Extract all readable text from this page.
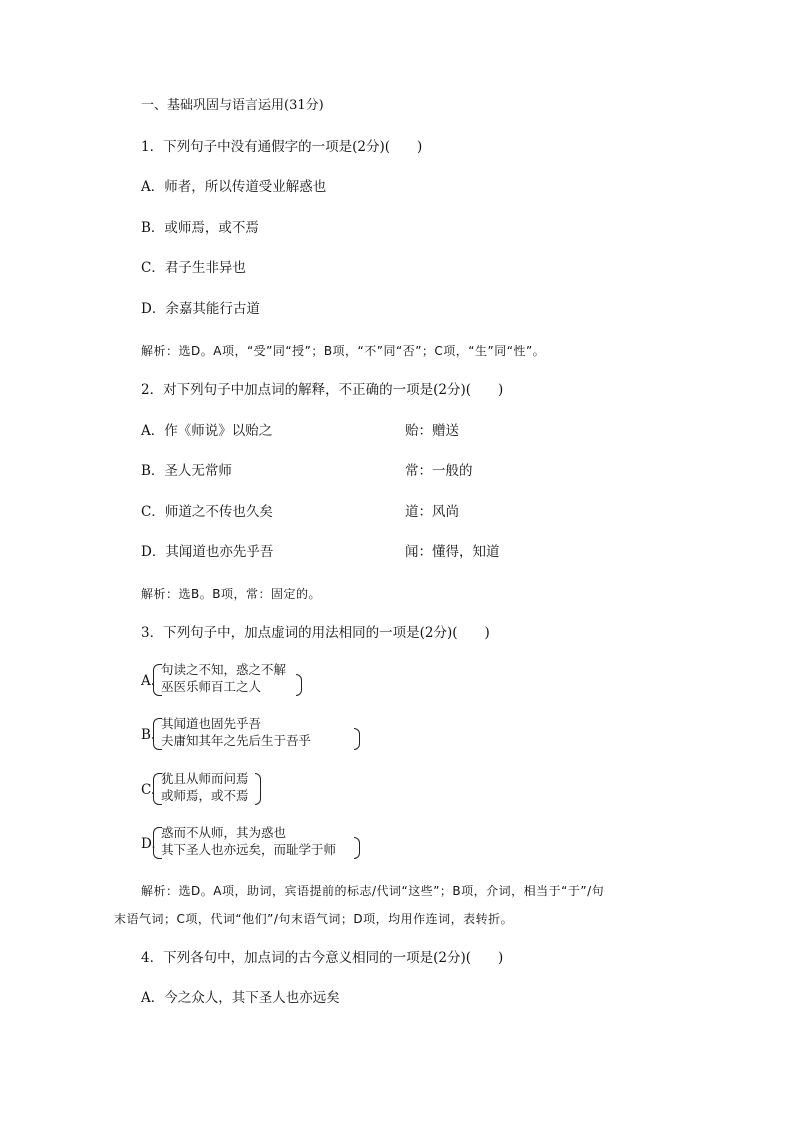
一、基础巩固与语言运用(31分)
1．下列句子中没有通假字的一项是(2分)(　　)
A．师者，所以传道受业解惑也
B．或师焉，或不焉
C．君子生非异也
D．余嘉其能行古道
解析：选D。A项，“受”同“授”；B项，“不”同“否”；C项，“生”同“性”。
2．对下列句子中加点词的解释，不正确的一项是(2分)(　　)
A．作《师说》以贻之	贻：赠送
B．圣人无常师	常：一般的
C．师道之不传也久矣	道：风尚
D．其闻道也亦先乎吾	闻：懂得，知道
解析：选B。B项，常：固定的。
3．下列句子中，加点虚词的用法相同的一项是(2分)(　　)
A.
句读之不知，惑之不解
巫医乐师百工之人
B.
其闻道也固先乎吾
夫庸知其年之先后生于吾乎
C.
犹且从师而问焉
或师焉，或不焉
D.
惑而不从师，其为惑也
其下圣人也亦远矣，而耻学于师
解析：选D。A项，助词，宾语提前的标志/代词“这些”；B项，介词，相当于“于”/句
末语气词；C项，代词“他们”/句末语气词；D项，均用作连词，表转折。
4．下列各句中，加点词的古今意义相同的一项是(2分)(　　)
A．今之众人，其下圣人也亦远矣
